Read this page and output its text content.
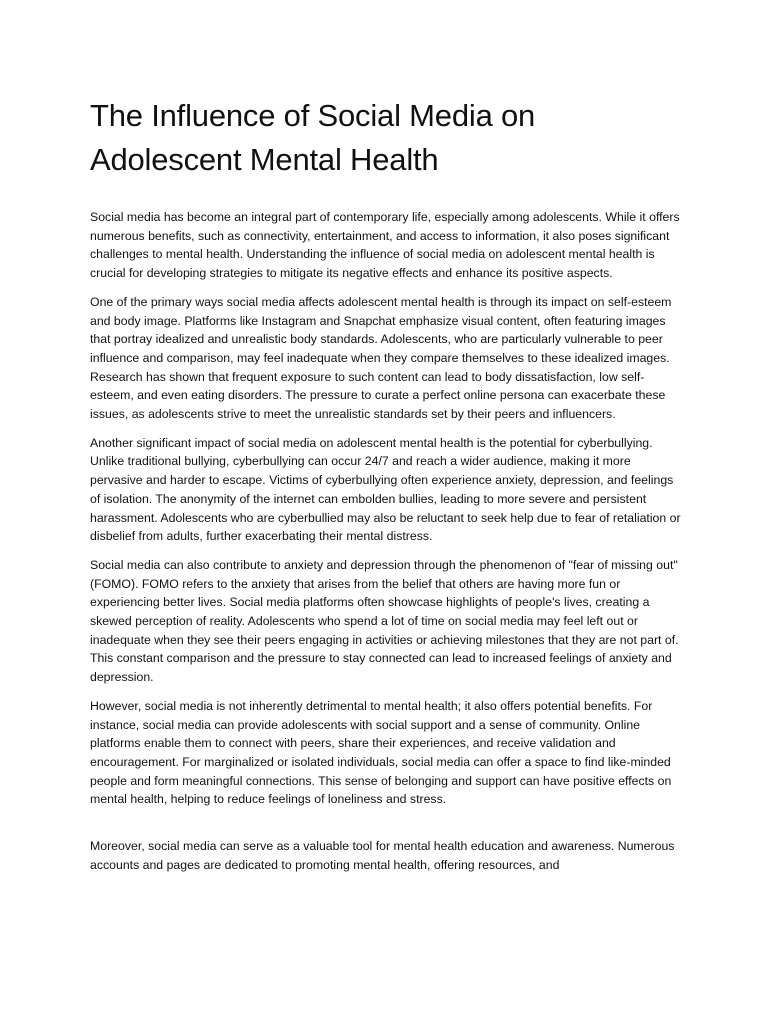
The Influence of Social Media on Adolescent Mental Health

Social media has become an integral part of contemporary life, especially among adolescents. While it offers numerous benefits, such as connectivity, entertainment, and access to information, it also poses significant challenges to mental health. Understanding the influence of social media on adolescent mental health is crucial for developing strategies to mitigate its negative effects and enhance its positive aspects.

One of the primary ways social media affects adolescent mental health is through its impact on self-esteem and body image. Platforms like Instagram and Snapchat emphasize visual content, often featuring images that portray idealized and unrealistic body standards. Adolescents, who are particularly vulnerable to peer influence and comparison, may feel inadequate when they compare themselves to these idealized images. Research has shown that frequent exposure to such content can lead to body dissatisfaction, low self-esteem, and even eating disorders. The pressure to curate a perfect online persona can exacerbate these issues, as adolescents strive to meet the unrealistic standards set by their peers and influencers.

Another significant impact of social media on adolescent mental health is the potential for cyberbullying. Unlike traditional bullying, cyberbullying can occur 24/7 and reach a wider audience, making it more pervasive and harder to escape. Victims of cyberbullying often experience anxiety, depression, and feelings of isolation. The anonymity of the internet can embolden bullies, leading to more severe and persistent harassment. Adolescents who are cyberbullied may also be reluctant to seek help due to fear of retaliation or disbelief from adults, further exacerbating their mental distress.

Social media can also contribute to anxiety and depression through the phenomenon of "fear of missing out" (FOMO). FOMO refers to the anxiety that arises from the belief that others are having more fun or experiencing better lives. Social media platforms often showcase highlights of people's lives, creating a skewed perception of reality. Adolescents who spend a lot of time on social media may feel left out or inadequate when they see their peers engaging in activities or achieving milestones that they are not part of. This constant comparison and the pressure to stay connected can lead to increased feelings of anxiety and depression.

However, social media is not inherently detrimental to mental health; it also offers potential benefits. For instance, social media can provide adolescents with social support and a sense of community. Online platforms enable them to connect with peers, share their experiences, and receive validation and encouragement. For marginalized or isolated individuals, social media can offer a space to find like-minded people and form meaningful connections. This sense of belonging and support can have positive effects on mental health, helping to reduce feelings of loneliness and stress.

Moreover, social media can serve as a valuable tool for mental health education and awareness. Numerous accounts and pages are dedicated to promoting mental health, offering resources, and
